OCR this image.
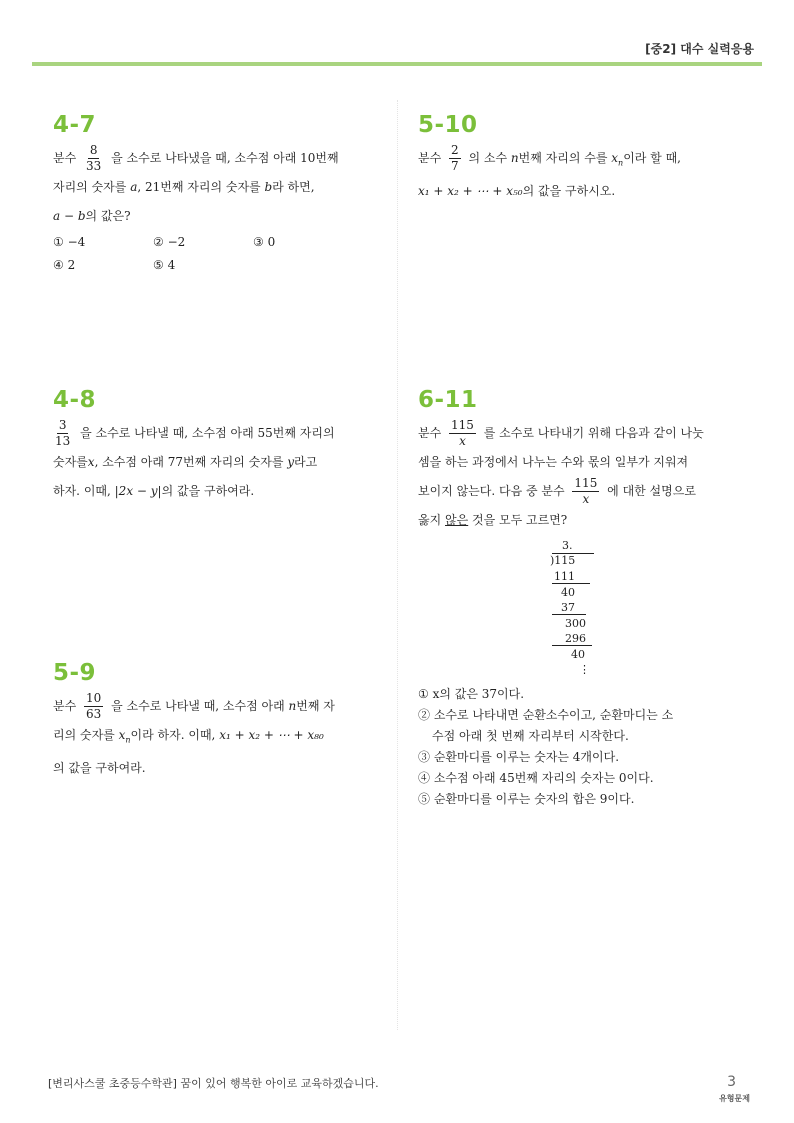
[중2] 대수 실력응용
4-7
분수 $\frac{8}{33}$ 을 소수로 나타냈을 때, 소수점 아래 10번째
자리의 숫자를 a, 21번째 자리의 숫자를 b라 하면,
a − b의 값은?
① −4	② −2	③ 0
④ 2	⑤ 4
4-8
$\frac{3}{13}$ 을 소수로 나타낼 때, 소수점 아래 55번째 자리의
숫자를x, 소수점 아래 77번째 자리의 숫자를 y라고
하자. 이때, |2x − y|의 값을 구하여라.
5-9
분수 $\frac{10}{63}$ 을 소수로 나타낼 때, 소수점 아래 n번째 자
리의 숫자를 $x_n$이라 하자. 이때, x₁ + x₂ + ⋯ + x₈₀
의 값을 구하여라.
5-10
분수 $\frac{2}{7}$ 의 소수 n번째 자리의 수를 $x_n$이라 할 때,
x₁ + x₂ + ⋯ + x₅₀의 값을 구하시오.
6-11
분수 $\frac{115}{x}$ 를 소수로 나타내기 위해 다음과 같이 나눗
셈을 하는 과정에서 나누는 수와 몫의 일부가 지워져
보이지 않는다. 다음 중 분수 $\frac{115}{x}$ 에 대한 설명으로
옳지 않은 것을 모두 고르면?
3.
)115
111
40
37
300
296
40
⋮
① x의 값은 37이다.
② 소수로 나타내면 순환소수이고, 순환마디는 소
수점 아래 첫 번째 자리부터 시작한다.
③ 순환마디를 이루는 숫자는 4개이다.
④ 소수점 아래 45번째 자리의 숫자는 0이다.
⑤ 순환마디를 이루는 숫자의 합은 9이다.
[변리사스쿨 초중등수학관] 꿈이 있어 행복한 아이로 교육하겠습니다.	3
유형문제
